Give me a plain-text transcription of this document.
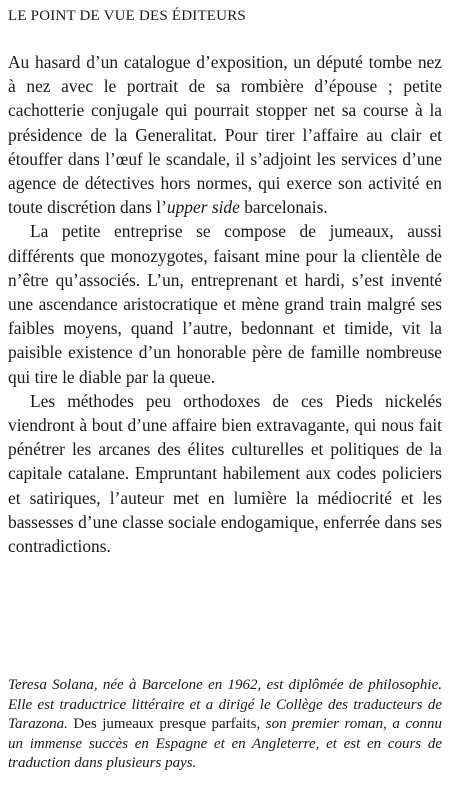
LE POINT DE VUE DES ÉDITEURS

Au hasard d’un catalogue d’exposition, un député tombe nez à nez avec le portrait de sa rombière d’épouse ; petite cachotterie conjugale qui pourrait stopper net sa course à la présidence de la Generalitat. Pour tirer l’affaire au clair et étouffer dans l’œuf le scandale, il s’adjoint les services d’une agence de détectives hors normes, qui exerce son activité en toute discrétion dans l’upper side barcelonais.

La petite entreprise se compose de jumeaux, aussi différents que monozygotes, faisant mine pour la clientèle de n’être qu’associés. L’un, entreprenant et hardi, s’est inventé une ascendance aristocratique et mène grand train malgré ses faibles moyens, quand l’autre, bedonnant et timide, vit la paisible existence d’un honorable père de famille nombreuse qui tire le diable par la queue.

Les méthodes peu orthodoxes de ces Pieds nickelés viendront à bout d’une affaire bien extravagante, qui nous fait pénétrer les arcanes des élites culturelles et politiques de la capitale catalane. Empruntant habilement aux codes policiers et satiriques, l’auteur met en lumière la médiocrité et les bassesses d’une classe sociale endogamique, enferrée dans ses contradictions.

Teresa Solana, née à Barcelone en 1962, est diplômée de philosophie. Elle est traductrice littéraire et a dirigé le Collège des traducteurs de Tarazona. Des jumeaux presque parfaits, son premier roman, a connu un immense succès en Espagne et en Angleterre, et est en cours de traduction dans plusieurs pays.
